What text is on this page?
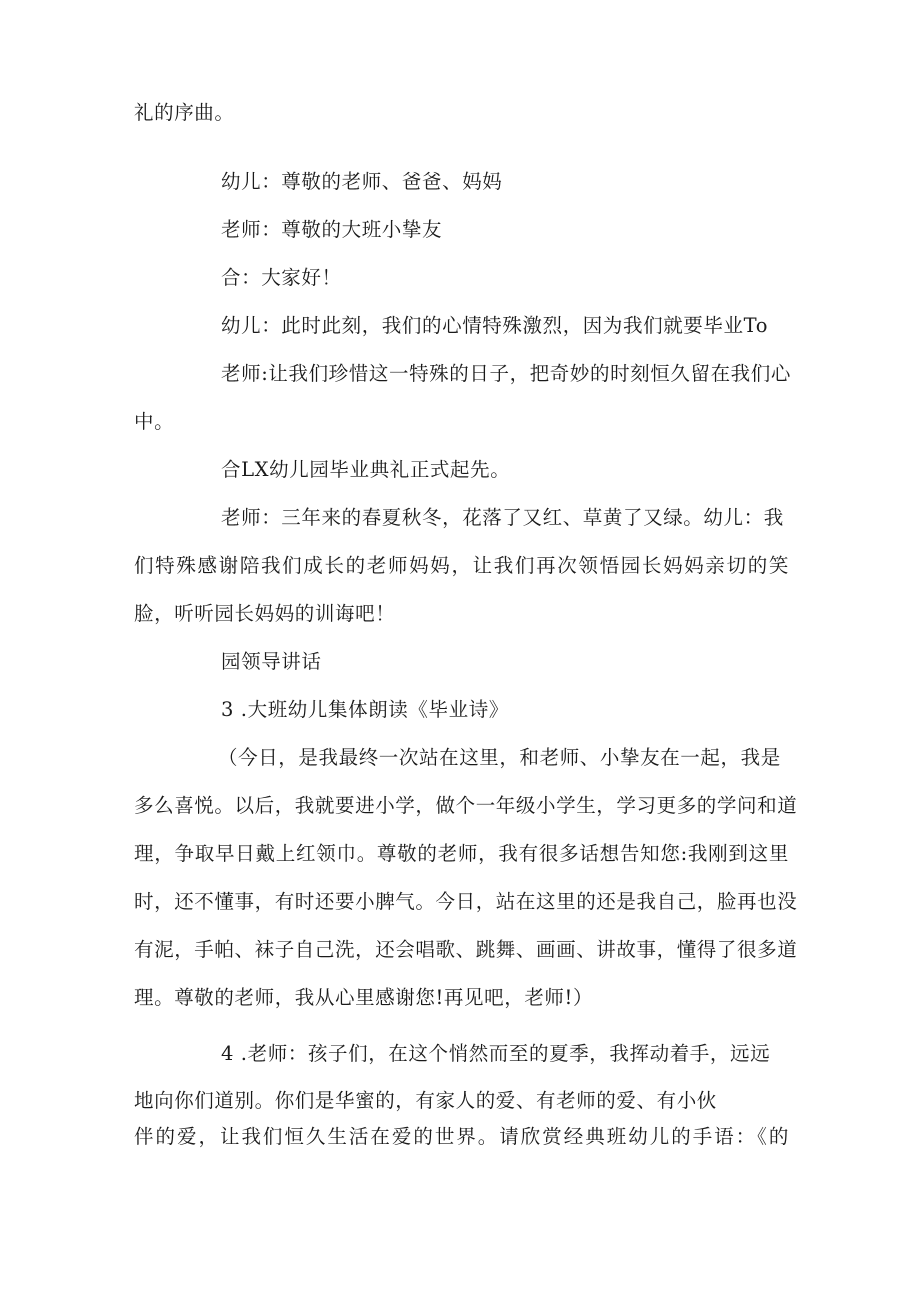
礼的序曲。
幼儿：尊敬的老师、爸爸、妈妈
老师：尊敬的大班小挚友
合：大家好！
幼儿：此时此刻，我们的心情特殊激烈，因为我们就要毕业To
老师:让我们珍惜这一特殊的日子，把奇妙的时刻恒久留在我们心
中。
合LX幼儿园毕业典礼正式起先。
老师：三年来的春夏秋冬，花落了又红、草黄了又绿。幼儿：我
们特殊感谢陪我们成长的老师妈妈，让我们再次领悟园长妈妈亲切的笑
脸，听听园长妈妈的训诲吧！
园领导讲话
3 .大班幼儿集体朗读《毕业诗》
（今日，是我最终一次站在这里，和老师、小挚友在一起，我是
多么喜悦。以后，我就要进小学，做个一年级小学生，学习更多的学问和道
理，争取早日戴上红领巾。尊敬的老师，我有很多话想告知您:我刚到这里
时，还不懂事，有时还要小脾气。今日，站在这里的还是我自己，脸再也没
有泥，手帕、袜子自己洗，还会唱歌、跳舞、画画、讲故事，懂得了很多道
理。尊敬的老师，我从心里感谢您!再见吧，老师!）
4 .老师：孩子们，在这个悄然而至的夏季，我挥动着手，远远
地向你们道别。你们是华蜜的，有家人的爱、有老师的爱、有小伙
伴的爱，让我们恒久生活在爱的世界。请欣赏经典班幼儿的手语：《的
